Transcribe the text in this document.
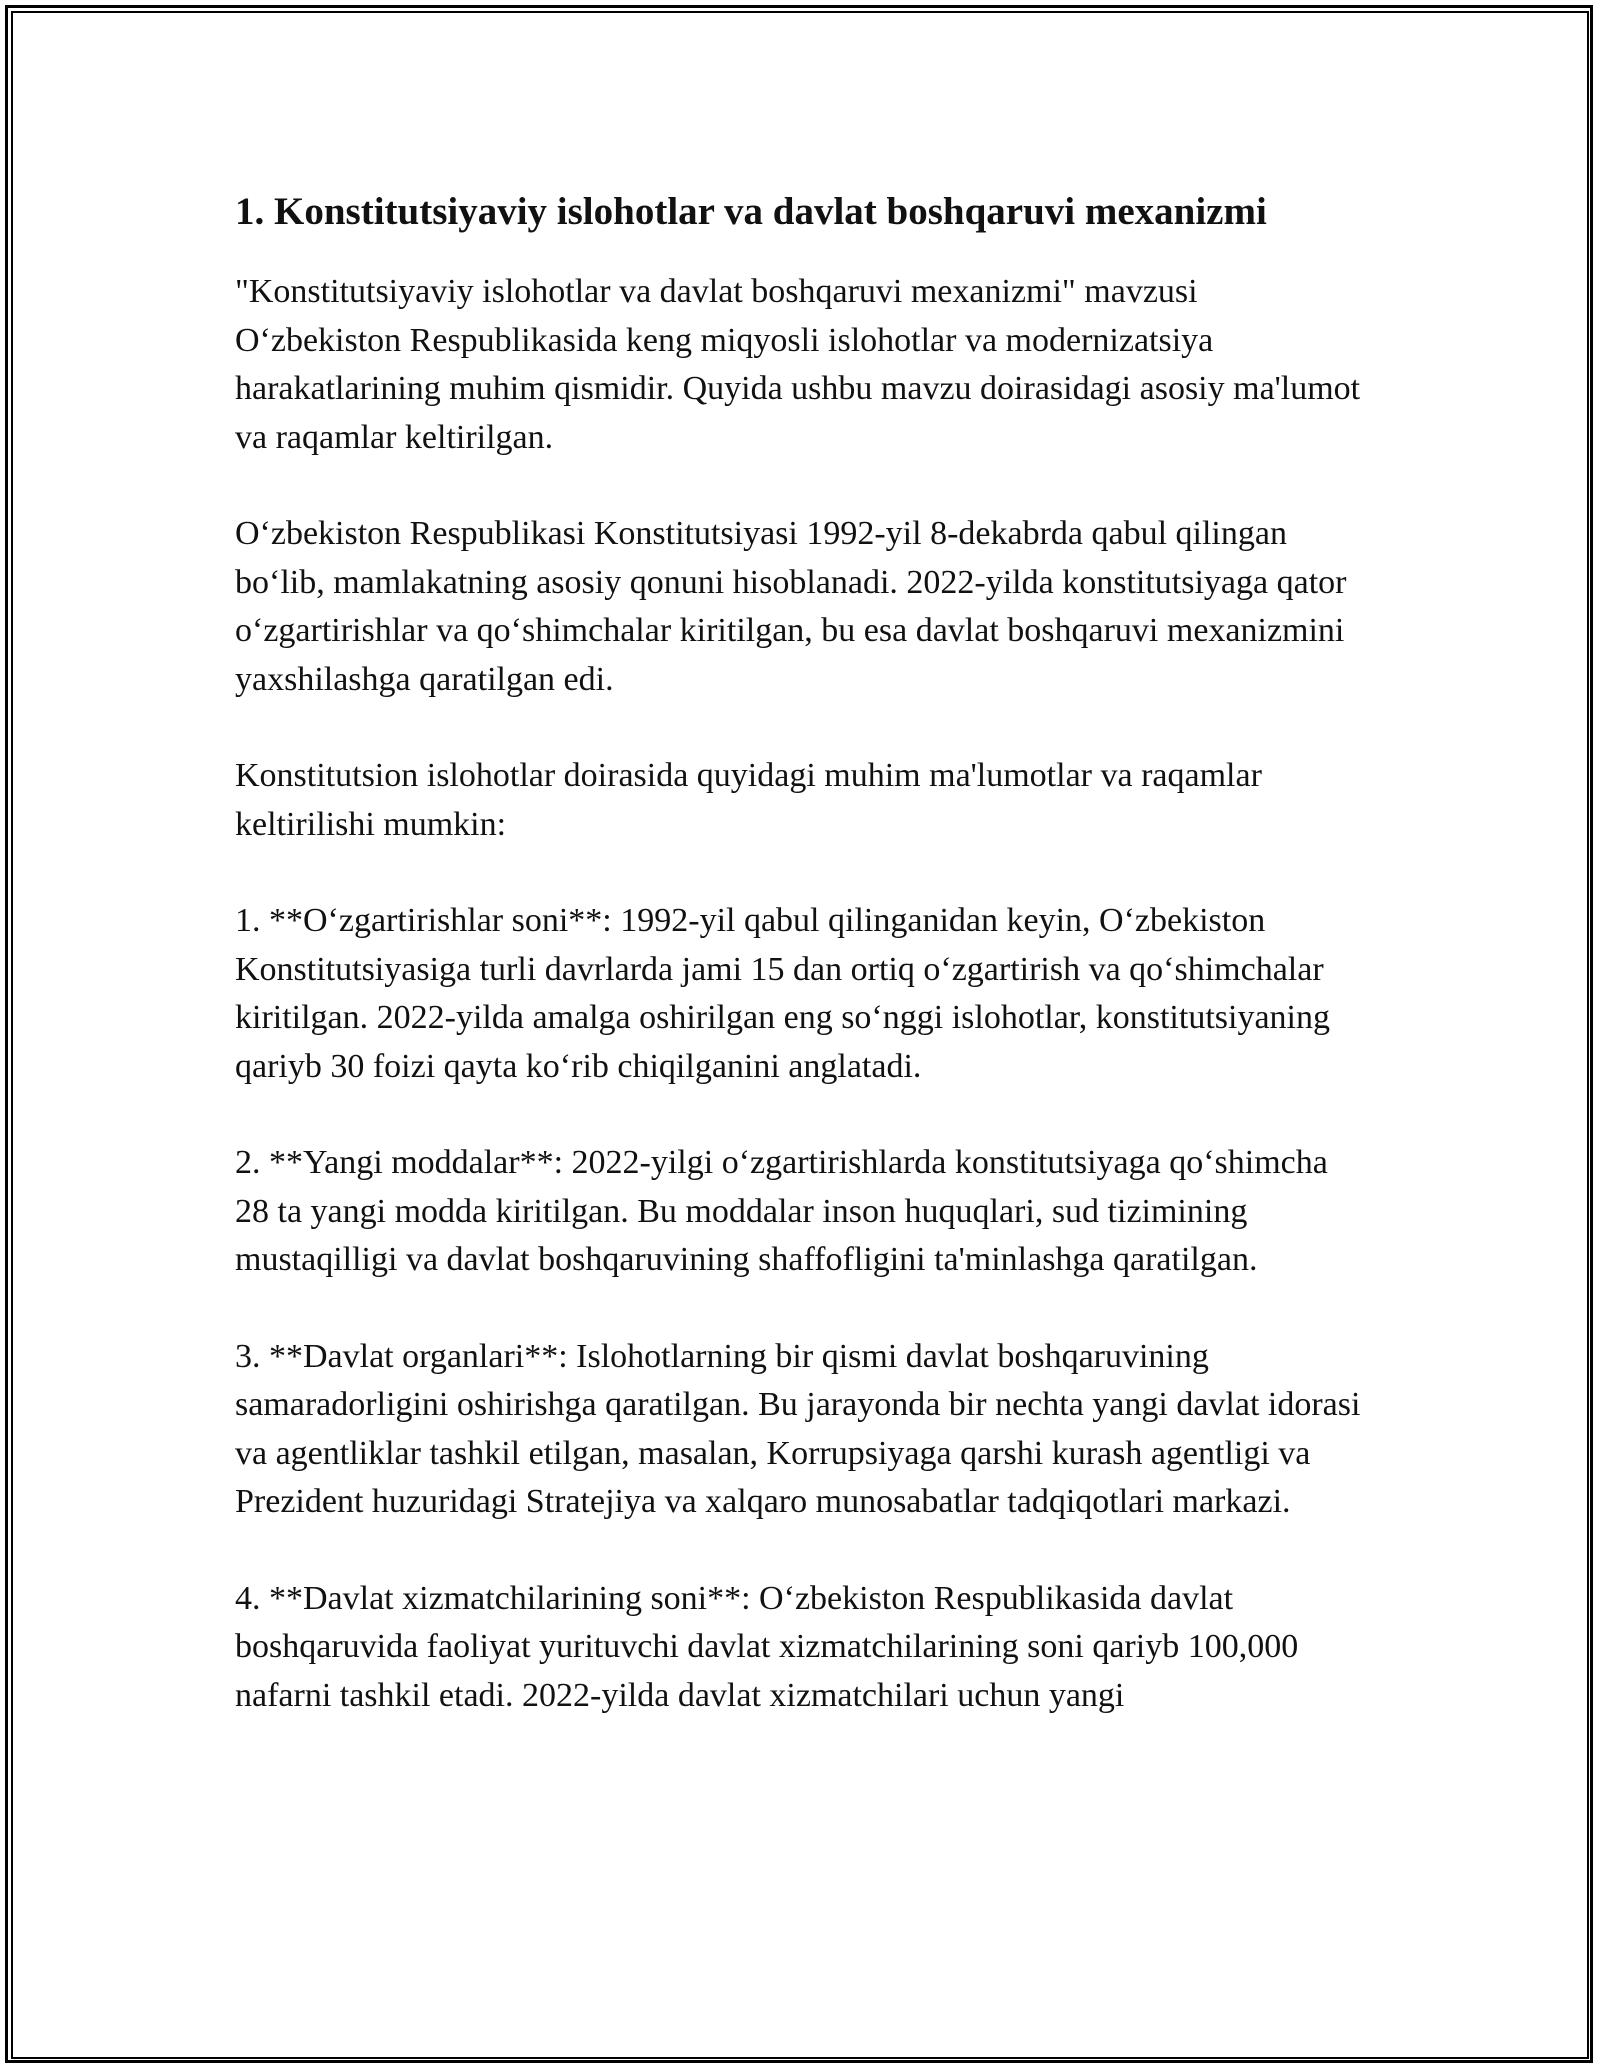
1. Konstitutsiyaviy islohotlar va davlat boshqaruvi mexanizmi

"Konstitutsiyaviy islohotlar va davlat boshqaruvi mexanizmi" mavzusi O‘zbekiston Respublikasida keng miqyosli islohotlar va modernizatsiya harakatlarining muhim qismidir. Quyida ushbu mavzu doirasidagi asosiy ma'lumot va raqamlar keltirilgan.

O‘zbekiston Respublikasi Konstitutsiyasi 1992-yil 8-dekabrda qabul qilingan bo‘lib, mamlakatning asosiy qonuni hisoblanadi. 2022-yilda konstitutsiyaga qator o‘zgartirishlar va qo‘shimchalar kiritilgan, bu esa davlat boshqaruvi mexanizmini yaxshilashga qaratilgan edi.

Konstitutsion islohotlar doirasida quyidagi muhim ma'lumotlar va raqamlar keltirilishi mumkin:

1. **O‘zgartirishlar soni**: 1992-yil qabul qilinganidan keyin, O‘zbekiston Konstitutsiyasiga turli davrlarda jami 15 dan ortiq o‘zgartirish va qo‘shimchalar kiritilgan. 2022-yilda amalga oshirilgan eng so‘nggi islohotlar, konstitutsiyaning qariyb 30 foizi qayta ko‘rib chiqilganini anglatadi.

2. **Yangi moddalar**: 2022-yilgi o‘zgartirishlarda konstitutsiyaga qo‘shimcha 28 ta yangi modda kiritilgan. Bu moddalar inson huquqlari, sud tizimining mustaqilligi va davlat boshqaruvining shaffofligini ta'minlashga qaratilgan.

3. **Davlat organlari**: Islohotlarning bir qismi davlat boshqaruvining samaradorligini oshirishga qaratilgan. Bu jarayonda bir nechta yangi davlat idorasi va agentliklar tashkil etilgan, masalan, Korrupsiyaga qarshi kurash agentligi va Prezident huzuridagi Stratejiya va xalqaro munosabatlar tadqiqotlari markazi.

4. **Davlat xizmatchilarining soni**: O‘zbekiston Respublikasida davlat boshqaruvida faoliyat yurituvchi davlat xizmatchilarining soni qariyb 100,000 nafarni tashkil etadi. 2022-yilda davlat xizmatchilari uchun yangi
